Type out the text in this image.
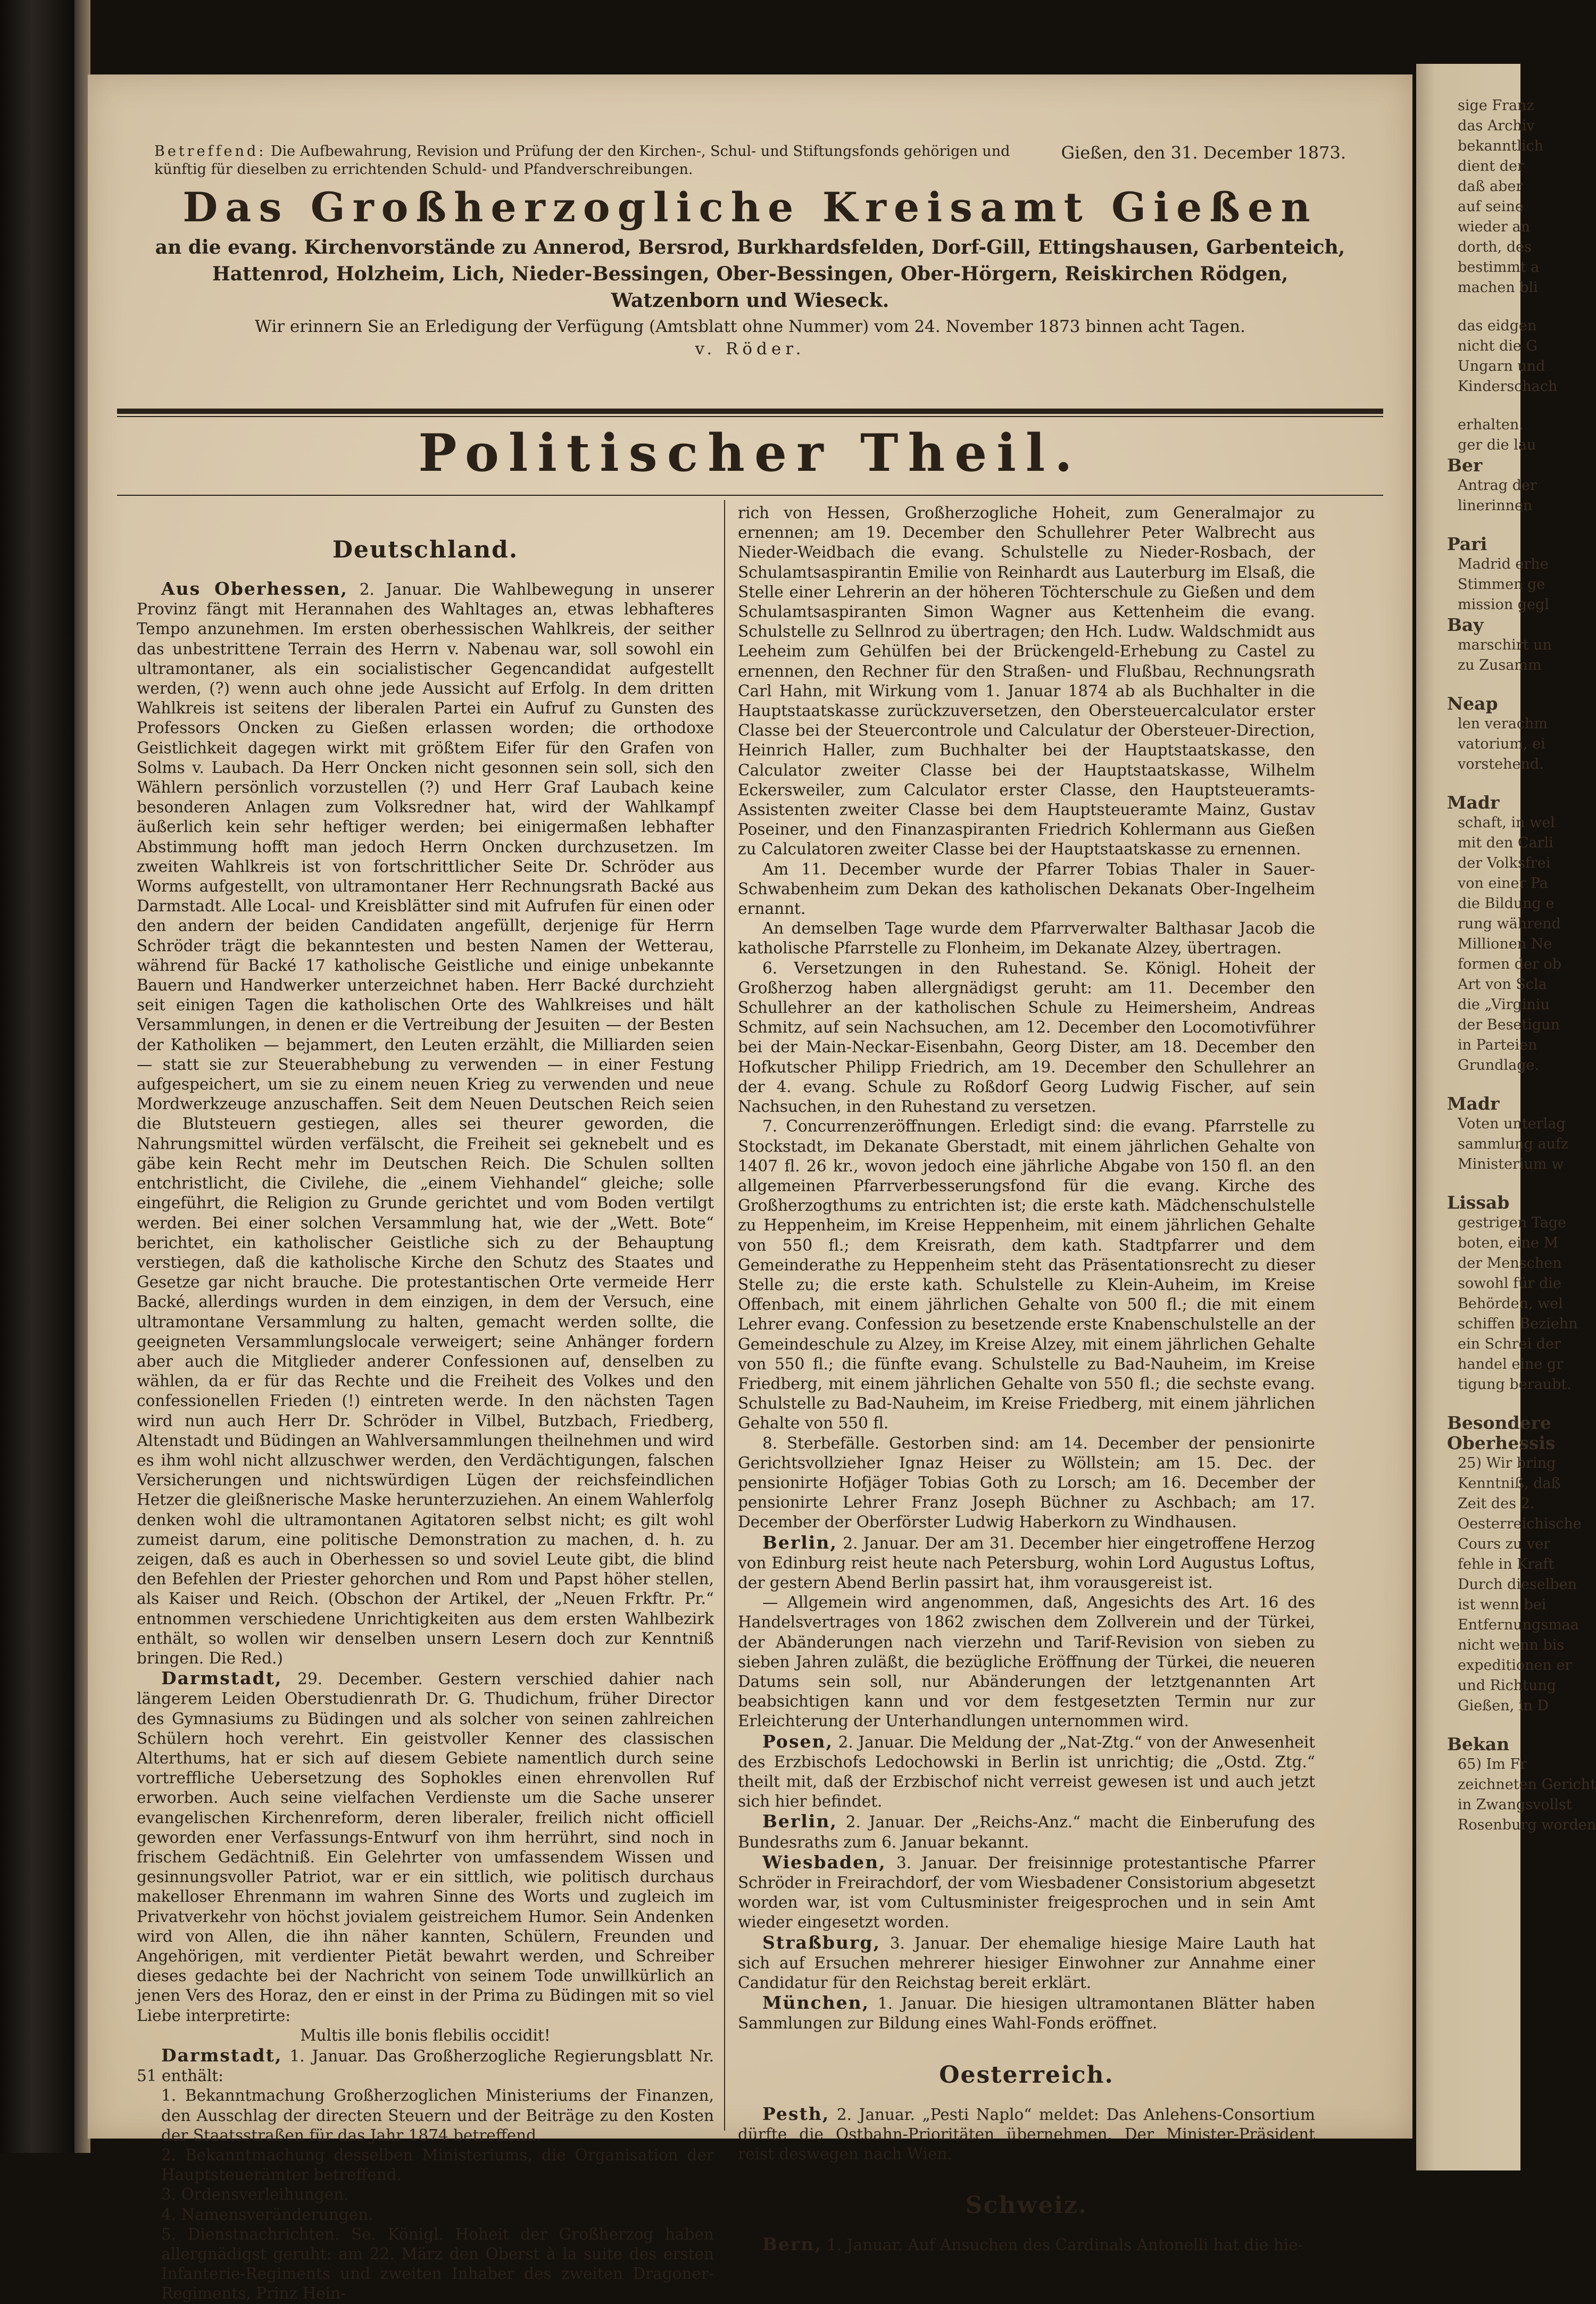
Betreffend: Die Aufbewahrung, Revision und Prüfung der den Kirchen-, Schul- und Stiftungsfonds gehörigen und künftig für dieselben zu errichtenden Schuld- und Pfandverschreibungen.
Gießen, den 31. December 1873.
Das Großherzogliche Kreisamt Gießen
an die evang. Kirchenvorstände zu Annerod, Bersrod, Burkhardsfelden, Dorf-Gill, Ettingshausen, Garbenteich, Hattenrod, Holzheim, Lich, Nieder-Bessingen, Ober-Bessingen, Ober-Hörgern, Reiskirchen Rödgen, Watzenborn und Wieseck.
Wir erinnern Sie an Erledigung der Verfügung (Amtsblatt ohne Nummer) vom 24. November 1873 binnen acht Tagen.
v. Röder.
Politischer Theil.
Deutschland.

Aus Oberhessen, 2. Januar. Die Wahlbewegung in unserer Provinz fängt mit Herannahen des Wahltages an, etwas lebhafteres Tempo anzunehmen. Im ersten oberhessischen Wahlkreis, der seither das unbestrittene Terrain des Herrn v. Nabenau war, soll sowohl ein ultramontaner, als ein socialistischer Gegencandidat aufgestellt werden, (?) wenn auch ohne jede Aussicht auf Erfolg. In dem dritten Wahlkreis ist seitens der liberalen Partei ein Aufruf zu Gunsten des Professors Oncken zu Gießen erlassen worden; die orthodoxe Geistlichkeit dagegen wirkt mit größtem Eifer für den Grafen von Solms v. Laubach. Da Herr Oncken nicht gesonnen sein soll, sich den Wählern persönlich vorzustellen (?) und Herr Graf Laubach keine besonderen Anlagen zum Volksredner hat, wird der Wahlkampf äußerlich kein sehr heftiger werden; bei einigermaßen lebhafter Abstimmung hofft man jedoch Herrn Oncken durchzusetzen. Im zweiten Wahlkreis ist von fortschrittlicher Seite Dr. Schröder aus Worms aufgestellt, von ultramontaner Herr Rechnungsrath Backé aus Darmstadt. Alle Local- und Kreisblätter sind mit Aufrufen für einen oder den andern der beiden Candidaten angefüllt, derjenige für Herrn Schröder trägt die bekanntesten und besten Namen der Wetterau, während für Backé 17 katholische Geistliche und einige unbekannte Bauern und Handwerker unterzeichnet haben. Herr Backé durchzieht seit einigen Tagen die katholischen Orte des Wahlkreises und hält Versammlungen, in denen er die Vertreibung der Jesuiten — der Besten der Katholiken — bejammert, den Leuten erzählt, die Milliarden seien — statt sie zur Steuerabhebung zu verwenden — in einer Festung aufgespeichert, um sie zu einem neuen Krieg zu verwenden und neue Mordwerkzeuge anzuschaffen. Seit dem Neuen Deutschen Reich seien die Blutsteuern gestiegen, alles sei theurer geworden, die Nahrungsmittel würden verfälscht, die Freiheit sei geknebelt und es gäbe kein Recht mehr im Deutschen Reich. Die Schulen sollten entchristlicht, die Civilehe, die „einem Viehhandel“ gleiche; solle eingeführt, die Religion zu Grunde gerichtet und vom Boden vertilgt werden. Bei einer solchen Versammlung hat, wie der „Wett. Bote“ berichtet, ein katholischer Geistliche sich zu der Behauptung verstiegen, daß die katholische Kirche den Schutz des Staates und Gesetze gar nicht brauche. Die protestantischen Orte vermeide Herr Backé, allerdings wurden in dem einzigen, in dem der Versuch, eine ultramontane Versammlung zu halten, gemacht werden sollte, die geeigneten Versammlungslocale verweigert; seine Anhänger fordern aber auch die Mitglieder anderer Confessionen auf, denselben zu wählen, da er für das Rechte und die Freiheit des Volkes und den confessionellen Frieden (!) eintreten werde. In den nächsten Tagen wird nun auch Herr Dr. Schröder in Vilbel, Butzbach, Friedberg, Altenstadt und Büdingen an Wahlversammlungen theilnehmen und wird es ihm wohl nicht allzuschwer werden, den Verdächtigungen, falschen Versicherungen und nichtswürdigen Lügen der reichsfeindlichen Hetzer die gleißnerische Maske herunterzuziehen. An einem Wahlerfolg denken wohl die ultramontanen Agitatoren selbst nicht; es gilt wohl zumeist darum, eine politische Demonstration zu machen, d. h. zu zeigen, daß es auch in Oberhessen so und soviel Leute gibt, die blind den Befehlen der Priester gehorchen und Rom und Papst höher stellen, als Kaiser und Reich. (Obschon der Artikel, der „Neuen Frkftr. Pr.“ entnommen verschiedene Unrichtigkeiten aus dem ersten Wahlbezirk enthält, so wollen wir denselben unsern Lesern doch zur Kenntniß bringen. Die Red.)

Darmstadt, 29. December. Gestern verschied dahier nach längerem Leiden Oberstudienrath Dr. G. Thudichum, früher Director des Gymnasiums zu Büdingen und als solcher von seinen zahlreichen Schülern hoch verehrt. Ein geistvoller Kenner des classischen Alterthums, hat er sich auf diesem Gebiete namentlich durch seine vortreffliche Uebersetzung des Sophokles einen ehrenvollen Ruf erworben. Auch seine vielfachen Verdienste um die Sache unserer evangelischen Kirchenreform, deren liberaler, freilich nicht officiell geworden ener Verfassungs-Entwurf von ihm herrührt, sind noch in frischem Gedächtniß. Ein Gelehrter von umfassendem Wissen und gesinnungsvoller Patriot, war er ein sittlich, wie politisch durchaus makelloser Ehrenmann im wahren Sinne des Worts und zugleich im Privatverkehr von höchst jovialem geistreichem Humor. Sein Andenken wird von Allen, die ihn näher kannten, Schülern, Freunden und Angehörigen, mit verdienter Pietät bewahrt werden, und Schreiber dieses gedachte bei der Nachricht von seinem Tode unwillkürlich an jenen Vers des Horaz, den er einst in der Prima zu Büdingen mit so viel Liebe interpretirte:

Multis ille bonis flebilis occidit!

Darmstadt, 1. Januar. Das Großherzogliche Regierungsblatt Nr. 51 enthält:

1. Bekanntmachung Großherzoglichen Ministeriums der Finanzen, den Ausschlag der directen Steuern und der Beiträge zu den Kosten der Staatsstraßen für das Jahr 1874 betreffend.

2. Bekanntmachung desselben Ministeriums, die Organisation der Hauptsteuerämter betreffend.

3. Ordensverleihungen.

4. Namensveränderungen.

5. Dienstnachrichten. Se. Königl. Hoheit der Großherzog haben allergnädigst geruht: am 22. März den Oberst à la suite des ersten Infanterie-Regiments und zweiten Inhaber des zweiten Dragoner-Regiments, Prinz Hein-

rich von Hessen, Großherzogliche Hoheit, zum Generalmajor zu ernennen; am 19. December den Schullehrer Peter Walbrecht aus Nieder-Weidbach die evang. Schulstelle zu Nieder-Rosbach, der Schulamtsaspirantin Emilie von Reinhardt aus Lauterburg im Elsaß, die Stelle einer Lehrerin an der höheren Töchterschule zu Gießen und dem Schulamtsaspiranten Simon Wagner aus Kettenheim die evang. Schulstelle zu Sellnrod zu übertragen; den Hch. Ludw. Waldschmidt aus Leeheim zum Gehülfen bei der Brückengeld-Erhebung zu Castel zu ernennen, den Rechner für den Straßen- und Flußbau, Rechnungsrath Carl Hahn, mit Wirkung vom 1. Januar 1874 ab als Buchhalter in die Hauptstaatskasse zurückzuversetzen, den Obersteuercalculator erster Classe bei der Steuercontrole und Calculatur der Obersteuer-Direction, Heinrich Haller, zum Buchhalter bei der Hauptstaatskasse, den Calculator zweiter Classe bei der Hauptstaatskasse, Wilhelm Eckersweiler, zum Calculator erster Classe, den Hauptsteueramts-Assistenten zweiter Classe bei dem Hauptsteueramte Mainz, Gustav Poseiner, und den Finanzaspiranten Friedrich Kohlermann aus Gießen zu Calculatoren zweiter Classe bei der Hauptstaatskasse zu ernennen.

Am 11. December wurde der Pfarrer Tobias Thaler in Sauer-Schwabenheim zum Dekan des katholischen Dekanats Ober-Ingelheim ernannt.

An demselben Tage wurde dem Pfarrverwalter Balthasar Jacob die katholische Pfarrstelle zu Flonheim, im Dekanate Alzey, übertragen.

6. Versetzungen in den Ruhestand. Se. Königl. Hoheit der Großherzog haben allergnädigst geruht: am 11. December den Schullehrer an der katholischen Schule zu Heimersheim, Andreas Schmitz, auf sein Nachsuchen, am 12. December den Locomotivführer bei der Main-Neckar-Eisenbahn, Georg Dister, am 18. December den Hofkutscher Philipp Friedrich, am 19. December den Schullehrer an der 4. evang. Schule zu Roßdorf Georg Ludwig Fischer, auf sein Nachsuchen, in den Ruhestand zu versetzen.

7. Concurrenzeröffnungen. Erledigt sind: die evang. Pfarrstelle zu Stockstadt, im Dekanate Gberstadt, mit einem jährlichen Gehalte von 1407 fl. 26 kr., wovon jedoch eine jährliche Abgabe von 150 fl. an den allgemeinen Pfarrverbesserungsfond für die evang. Kirche des Großherzogthums zu entrichten ist; die erste kath. Mädchenschulstelle zu Heppenheim, im Kreise Heppenheim, mit einem jährlichen Gehalte von 550 fl.; dem Kreisrath, dem kath. Stadtpfarrer und dem Gemeinderathe zu Heppenheim steht das Präsentationsrecht zu dieser Stelle zu; die erste kath. Schulstelle zu Klein-Auheim, im Kreise Offenbach, mit einem jährlichen Gehalte von 500 fl.; die mit einem Lehrer evang. Confession zu besetzende erste Knabenschulstelle an der Gemeindeschule zu Alzey, im Kreise Alzey, mit einem jährlichen Gehalte von 550 fl.; die fünfte evang. Schulstelle zu Bad-Nauheim, im Kreise Friedberg, mit einem jährlichen Gehalte von 550 fl.; die sechste evang. Schulstelle zu Bad-Nauheim, im Kreise Friedberg, mit einem jährlichen Gehalte von 550 fl.

8. Sterbefälle. Gestorben sind: am 14. December der pensionirte Gerichtsvollzieher Ignaz Heiser zu Wöllstein; am 15. Dec. der pensionirte Hofjäger Tobias Goth zu Lorsch; am 16. December der pensionirte Lehrer Franz Joseph Büchner zu Aschbach; am 17. December der Oberförster Ludwig Haberkorn zu Windhausen.

Berlin, 2. Januar. Der am 31. December hier eingetroffene Herzog von Edinburg reist heute nach Petersburg, wohin Lord Augustus Loftus, der gestern Abend Berlin passirt hat, ihm vorausgereist ist.

— Allgemein wird angenommen, daß, Angesichts des Art. 16 des Handelsvertrages von 1862 zwischen dem Zollverein und der Türkei, der Abänderungen nach vierzehn und Tarif-Revision von sieben zu sieben Jahren zuläßt, die bezügliche Eröffnung der Türkei, die neueren Datums sein soll, nur Abänderungen der letztgenannten Art beabsichtigen kann und vor dem festgesetzten Termin nur zur Erleichterung der Unterhandlungen unternommen wird.

Posen, 2. Januar. Die Meldung der „Nat-Ztg.“ von der Anwesenheit des Erzbischofs Ledochowski in Berlin ist unrichtig; die „Ostd. Ztg.“ theilt mit, daß der Erzbischof nicht verreist gewesen ist und auch jetzt sich hier befindet.

Berlin, 2. Januar. Der „Reichs-Anz.“ macht die Einberufung des Bundesraths zum 6. Januar bekannt.

Wiesbaden, 3. Januar. Der freisinnige protestantische Pfarrer Schröder in Freirachdorf, der vom Wiesbadener Consistorium abgesetzt worden war, ist vom Cultusminister freigesprochen und in sein Amt wieder eingesetzt worden.

Straßburg, 3. Januar. Der ehemalige hiesige Maire Lauth hat sich auf Ersuchen mehrerer hiesiger Einwohner zur Annahme einer Candidatur für den Reichstag bereit erklärt.

München, 1. Januar. Die hiesigen ultramontanen Blätter haben Sammlungen zur Bildung eines Wahl-Fonds eröffnet.

Oesterreich.

Pesth, 2. Januar. „Pesti Naplo“ meldet: Das Anlehens-Consortium dürfte die Ostbahn-Prioritäten übernehmen. Der Minister-Präsident reist deswegen nach Wien.

Schweiz.

Bern, 1. Januar. Auf Ansuchen des Cardinals Antonelli hat die hie-

sige Franz
das Archiv
bekanntlich
dient der
daß aber
auf seine
wieder an
dorth, des
bestimmt a
machen bli
das eidgen
nicht die G
Ungarn und
Kinderschach
erhalten.
ger die lau
Ber
Antrag der
linerinnen
Pari
Madrid erhe
Stimmen ge
mission gegl
Bay
marschirt un
zu Zusamm
Neap
len verachm
vatorium, ei
vorstehend.
Madr
schaft, in wel
mit den Carli
der Volksfrei
von einer Pa
die Bildung e
rung während
Millionen Ne
formen der ob
Art von Scla
die „Virginiu
der Besetigun
in Parteien
Grundlage.
Madr
Voten unterlag
sammlung aufz
Ministerium w
Lissab
gestrigen Tage
boten, eine M
der Menschen
sowohl für die
Behörden, wel
schiffen Beziehn
ein Schrei der
handel eine gr
tigung beraubt.
Besondere
Oberhessis
25) Wir bring
Kenntniß, daß
Zeit des 2.
Oesterreichische
Cours zu ver
fehle in Kraft
Durch dieselben
ist wenn bei
Entfernungsmaa
nicht wenn bis
expeditionen er
und Richtung
Gießen, in D
Bekan
65) Im Fr
zeichneten Gericht
in Zwangsvollst
Rosenburg worden
